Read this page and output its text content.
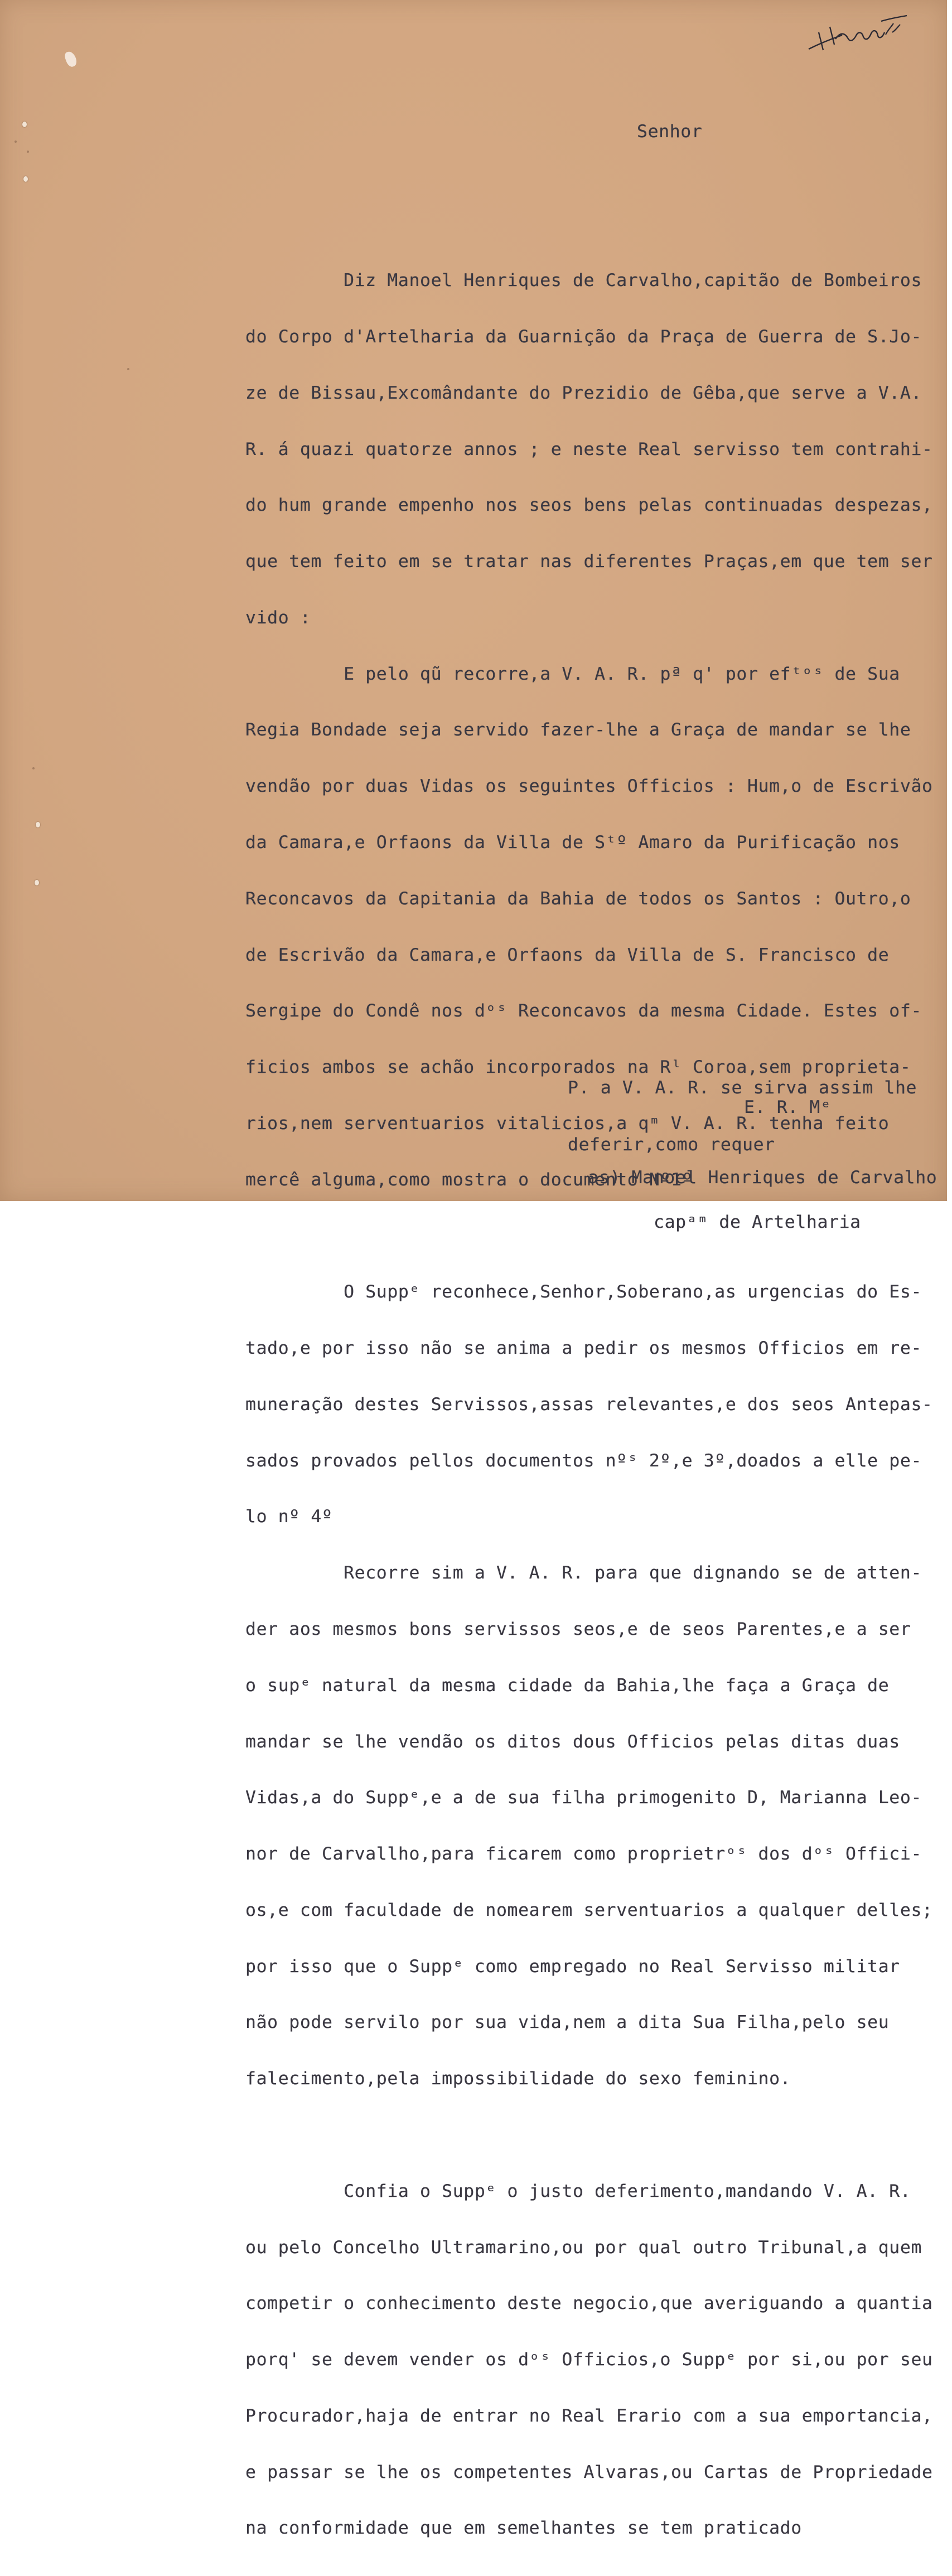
Senhor

Diz Manoel Henriques de Carvalho,capitão de Bombeiros

do Corpo d'Artelharia da Guarnição da Praça de Guerra de S.Jo-

ze de Bissau,Excomândante do Prezidio de Gêba,que serve a V.A.

R. á quazi quatorze annos ; e neste Real servisso tem contrahi-

do hum grande empenho nos seos bens pelas continuadas despezas,

que tem feito em se tratar nas diferentes Praças,em que tem ser

vido :

E pelo qũ recorre,a V. A. R. pª q' por efᵗᵒˢ de Sua

Regia Bondade seja servido fazer-lhe a Graça de mandar se lhe

vendão por duas Vidas os seguintes Officios : Hum,o de Escrivão

da Camara,e Orfaons da Villa de Sᵗº Amaro da Purificação nos

Reconcavos da Capitania da Bahia de todos os Santos : Outro,o

de Escrivão da Camara,e Orfaons da Villa de S. Francisco de

Sergipe do Condê nos dᵒˢ Reconcavos da mesma Cidade. Estes of-

ficios ambos se achão incorporados na Rˡ Coroa,sem proprieta-

rios,nem serventuarios vitalicios,a qᵐ V. A. R. tenha feito

mercê alguma,como mostra o documento Nº1º

O Suppᵉ reconhece,Senhor,Soberano,as urgencias do Es-

tado,e por isso não se anima a pedir os mesmos Officios em re-

muneração destes Servissos,assas relevantes,e dos seos Antepas-

sados provados pellos documentos nºˢ 2º,e 3º,doados a elle pe-

lo nº 4º

Recorre sim a V. A. R. para que dignando se de atten-

der aos mesmos bons servissos seos,e de seos Parentes,e a ser

o supᵉ natural da mesma cidade da Bahia,lhe faça a Graça de

mandar se lhe vendão os ditos dous Officios pelas ditas duas

Vidas,a do Suppᵉ,e a de sua filha primogenito D, Marianna Leo-

nor de Carvallho,para ficarem como proprietrᵒˢ dos dᵒˢ Offici-

os,e com faculdade de nomearem serventuarios a qualquer delles;

por isso que o Suppᵉ como empregado no Real Servisso militar

não pode servilo por sua vida,nem a dita Sua Filha,pelo seu

falecimento,pela impossibilidade do sexo feminino.

Confia o Suppᵉ o justo deferimento,mandando V. A. R.

ou pelo Concelho Ultramarino,ou por qual outro Tribunal,a quem

competir o conhecimento deste negocio,que averiguando a quantia

porq' se devem vender os dᵒˢ Officios,o Suppᵉ por si,ou por seu

Procurador,haja de entrar no Real Erario com a sua emportancia,

e passar se lhe os competentes Alvaras,ou Cartas de Propriedade

na conformidade que em semelhantes se tem praticado

P. a V. A. R. se sirva assim lhe

deferir,como requer

E. R. Mᵉ

as) Manoel Henriques de Carvalho

capᵃᵐ de Artelharia
